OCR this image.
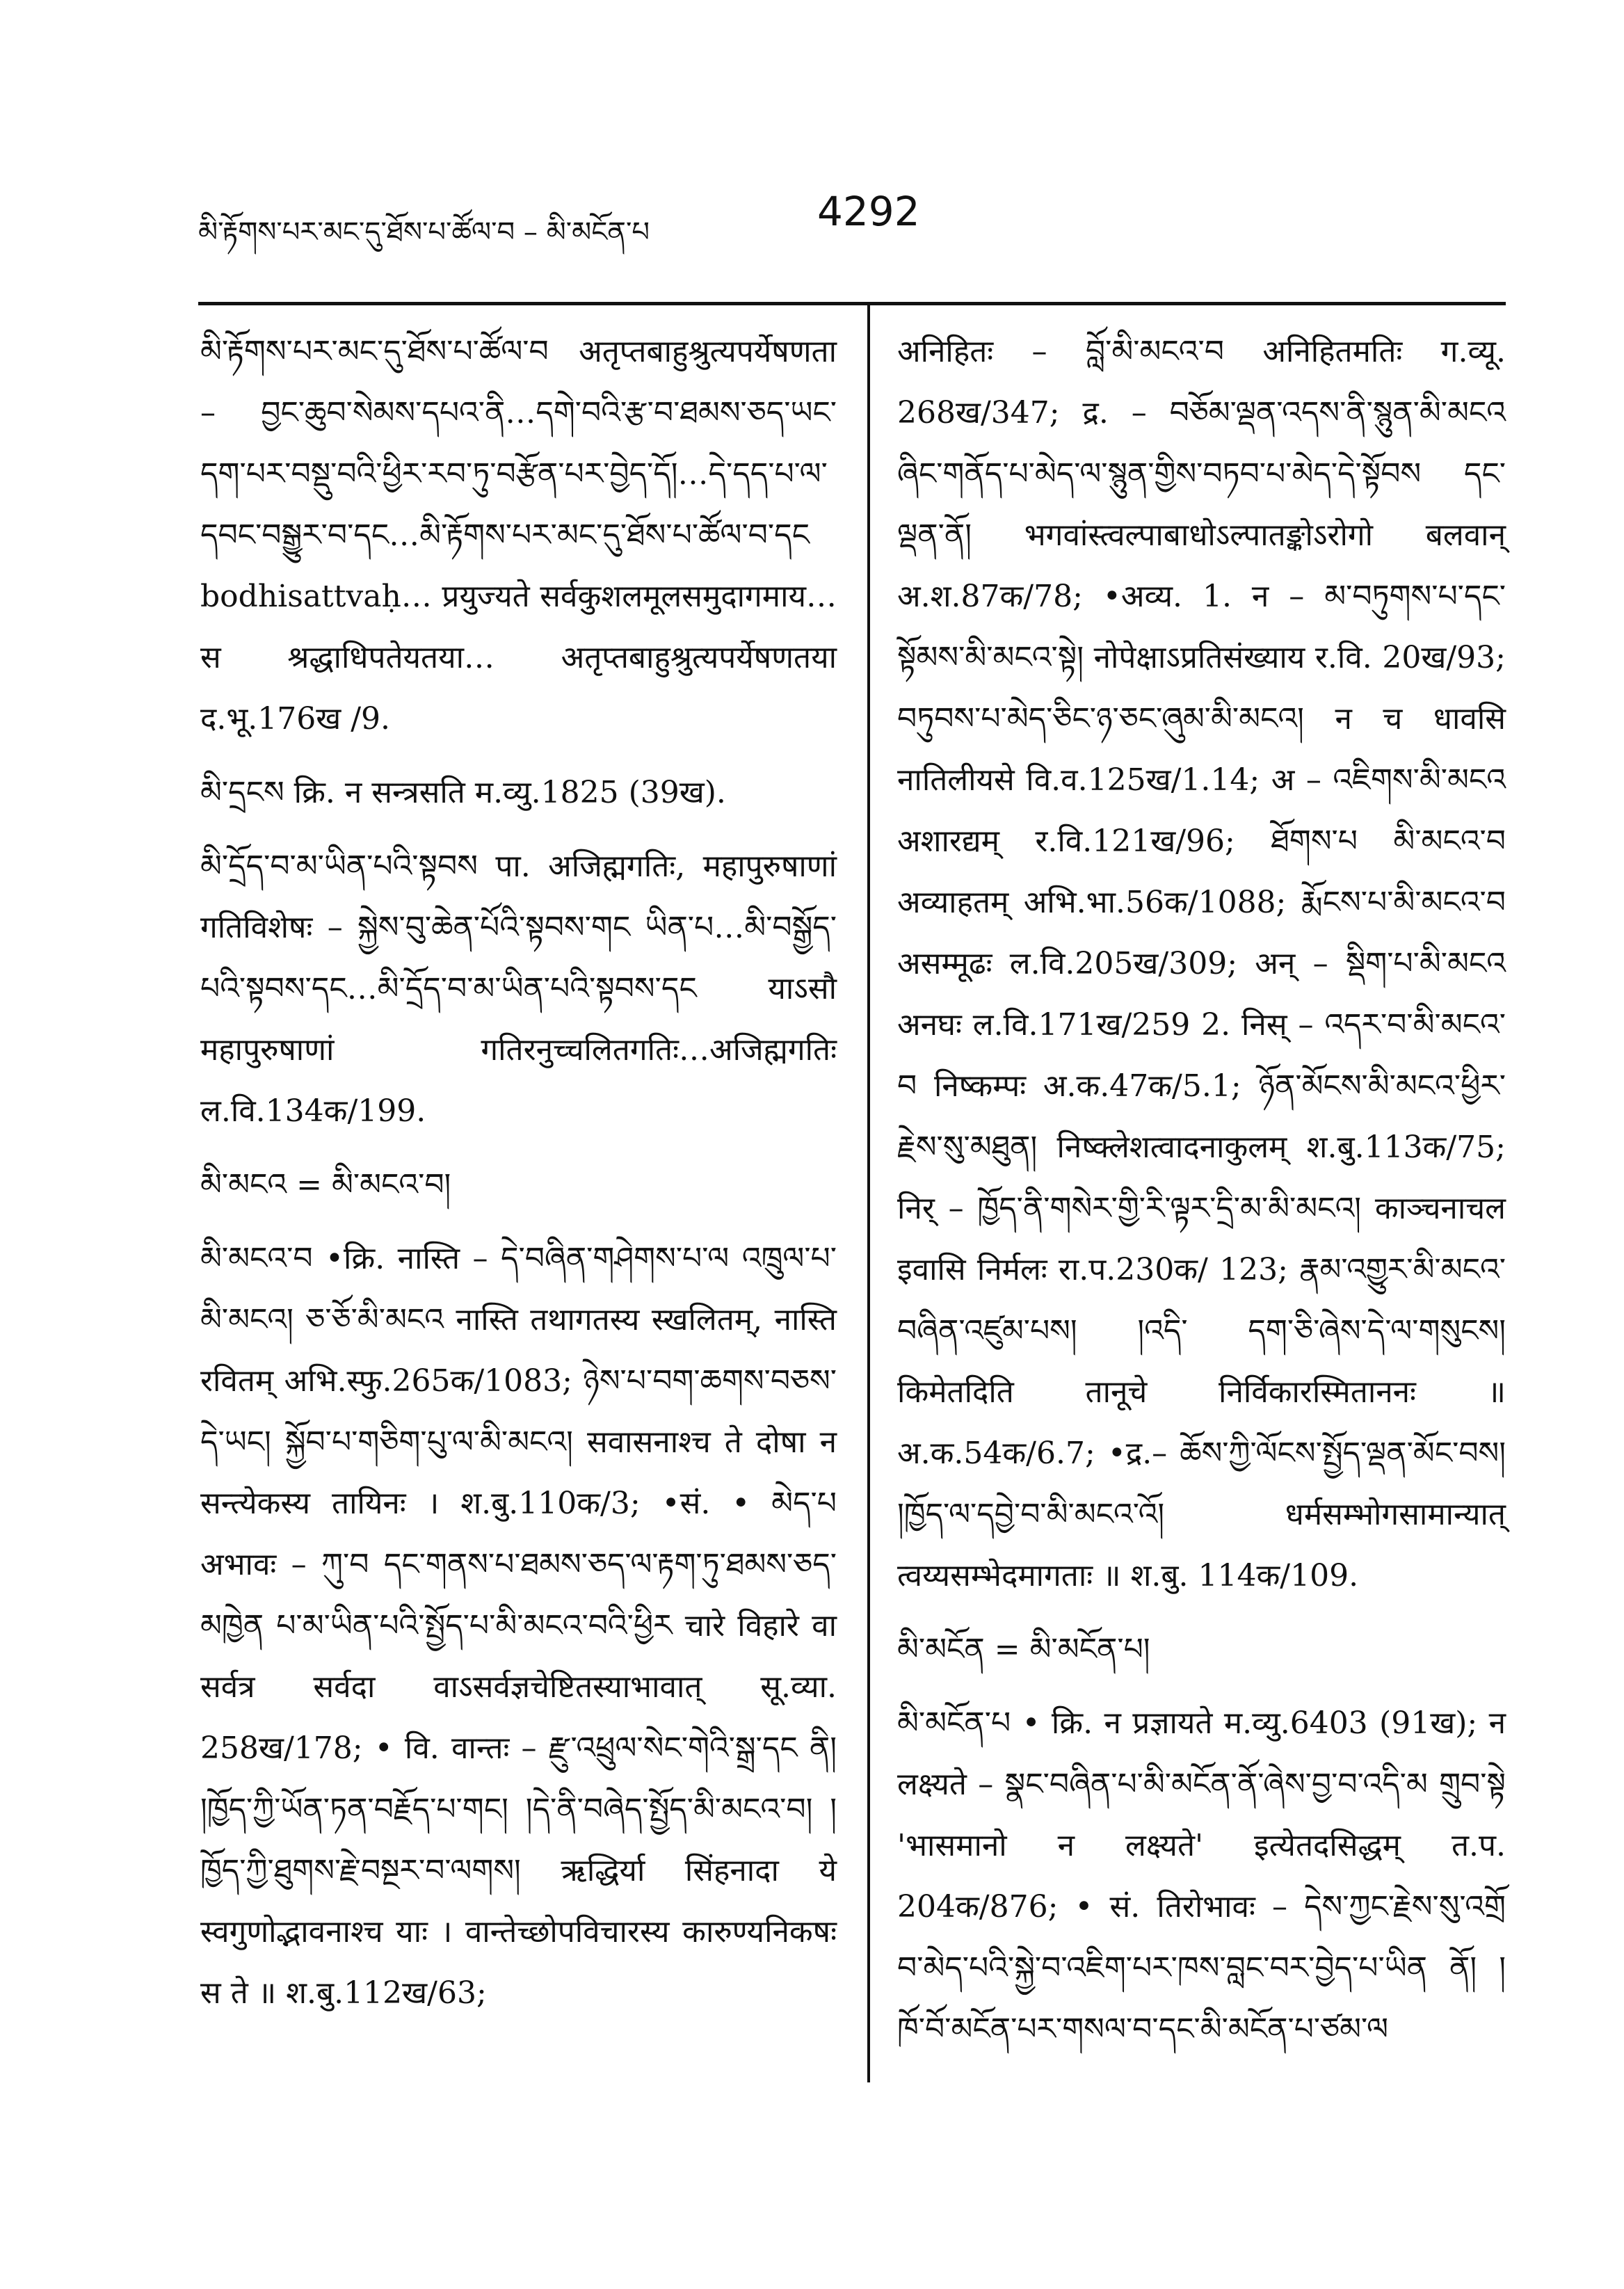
མི་རྟོགས་པར་མང་དུ་ཐོས་པ་ཚོལ་བ – མི་མངོན་པ	4292

མི་རྟོགས་པར་མང་དུ་ཐོས་པ་ཚོལ་བ अतृप्तबाहुश्रुत्यपर्येषणता – བྱང་ཆུབ་སེམས་དཔའ་ནི…དགེ་བའི་རྩ་བ་ཐམས་ཅད་ཡང་དག་པར་བསྡུ་བའི་ཕྱིར་རབ་ཏུ་བརྩོན་པར་བྱེད་དོ།…དེ་དད་པ་ལ་དབང་བསྒྱུར་བ་དང…མི་རྟོགས་པར་མང་དུ་ཐོས་པ་ཚོལ་བ་དང bodhisattvaḥ… प्रयुज्यते सर्वकुशलमूलसमुदागमाय… स श्रद्धाधिपतेयतया… अतृप्तबाहुश्रुत्यपर्येषणतया द.भू.176ख /9.

མི་དྲངས क्रि. न सन्त्रसति म.व्यु.1825 (39ख).

མི་དྲོད་བ་མ་ཡིན་པའི་སྟབས पा. अजिह्मगतिः, महापुरुषाणां गतिविशेषः – སྐྱེས་བུ་ཆེན་པོའི་སྟབས་གང ཡིན་པ…མི་བསྒྱོད་པའི་སྟབས་དང…མི་དྲོད་བ་མ་ཡིན་པའི་སྟབས་དང याऽसौ महापुरुषाणां गतिरनुच्चलितगतिः…अजिह्मगतिः ल.वि.134क/199.

མི་མངའ = མི་མངའ་བ།

མི་མངའ་བ •क्रि. नास्ति – དེ་བཞིན་གཤེགས་པ་ལ འཁྲུལ་པ་མི་མངའ། ཅ་ཅོ་མི་མངའ नास्ति तथागतस्य स्खलितम्, नास्ति रवितम् अभि.स्फु.265क/1083; ཉེས་པ་བག་ཆགས་བཅས་དེ་ཡང། སྐྱོབ་པ་གཅིག་པུ་ལ་མི་མངའ། सवासनाश्च ते दोषा न सन्त्येकस्य तायिनः । श.बु.110क/3; •सं. • མེད་པ अभावः – ཀུ་བ དང་གནས་པ་ཐམས་ཅད་ལ་རྟག་ཏུ་ཐམས་ཅད་མཁྱེན པ་མ་ཡིན་པའི་སྤྱོད་པ་མི་མངའ་བའི་ཕྱིར चारे विहारे वा सर्वत्र सर्वदा वाऽसर्वज्ञचेष्टितस्याभावात् सू.व्या. 258ख/178; • वि. वान्तः – རྫུ་འཕྲུལ་སེང་གེའི་སྒྲ་དང ནི། །ཁྱོད་ཀྱི་ཡོན་ཏན་བརྗོད་པ་གང། །དེ་ནི་བཞེད་སྤྱོད་མི་མངའ་བ། །ཁྱོད་ཀྱི་ཐུགས་རྗེ་བསྔར་བ་ལགས། ऋद्धिर्या सिंहनादा ये स्वगुणोद्भावनाश्च याः । वान्तेच्छोपविचारस्य कारुण्यनिकषः स ते ॥ श.बु.112ख/63;

अनिहितः – བློ་མི་མངའ་བ अनिहितमतिः ग.व्यू. 268ख/347; द्र. – བཅོམ་ལྡན་འདས་ནི་སྙུན་མི་མངའ ཞིང་གནོད་པ་མེད་ལ་སྙུན་གྱིས་བཏབ་པ་མེད་དེ་སྟོབས དང་ལྡན་ནོ། भगवांस्त्वल्पाबाधोऽल्पातङ्कोऽरोगो बलवान् अ.श.87क/78; •अव्य. 1. न – མ་བཏུགས་པ་དང་སྟོམས་མི་མངའ་སྟེ། नोपेक्षाऽप्रतिसंख्याय र.वि. 20ख/93; བཏུབས་པ་མེད་ཅིང་ཉ་ཅང་ཞུམ་མི་མངའ། न च धावसि नातिलीयसे वि.व.125ख/1.14; अ – འཇིགས་མི་མངའ अशारद्यम् र.वि.121ख/96; ཐོགས་པ མི་མངའ་བ अव्याहतम् अभि.भा.56क/1088; རྨོངས་པ་མི་མངའ་བ असम्मूढः ल.वि.205ख/309; अन् – སྡིག་པ་མི་མངའ अनघः ल.वि.171ख/259 2. निस् – འདར་བ་མི་མངའ་བ निष्कम्पः अ.क.47क/5.1; ཉོན་མོངས་མི་མངའ་ཕྱིར་རྗེས་སུ་མཐུན། निष्क्लेशत्वादनाकुलम् श.बु.113क/75; निर् – ཁྱོད་ནི་གསེར་གྱི་རི་ལྟར་དྲི་མ་མི་མངའ། काञ्चनाचल इवासि निर्मलः रा.प.230क/ 123; རྣམ་འགྱུར་མི་མངའ་བཞིན་འཛུམ་པས། །འདི་ དག་ཅི་ཞེས་དེ་ལ་གསུངས། किमेतदिति तानूचे निर्विकारस्मिताननः ॥ अ.क.54क/6.7; •द्र.– ཆོས་ཀྱི་ལོངས་སྤྱོད་ལྡན་མོང་བས། །ཁྱོད་ལ་དབྱེ་བ་མི་མངའ་འོ། धर्मसम्भोगसामान्यात् त्वय्यसम्भेदमागताः ॥ श.बु. 114क/109.

མི་མངོན = མི་མངོན་པ།

མི་མངོན་པ • क्रि. न प्रज्ञायते म.व्यु.6403 (91ख); न लक्ष्यते – སྣང་བཞིན་པ་མི་མངོན་ནོ་ཞེས་བྱ་བ་འདི་མ གྲུབ་སྟེ 'भासमानो न लक्ष्यते' इत्येतदसिद्धम् त.प. 204क/876; • सं. तिरोभावः – དེས་ཀྱང་རྗེས་སུ་འགྲོ བ་མེད་པའི་སྐྱེ་བ་འཇིག་པར་ཁས་བླང་བར་བྱེད་པ་ཡིན ནོ། །ཁོ་བོ་མངོན་པར་གསལ་བ་དང་མི་མངོན་པ་ཙམ་ལ
